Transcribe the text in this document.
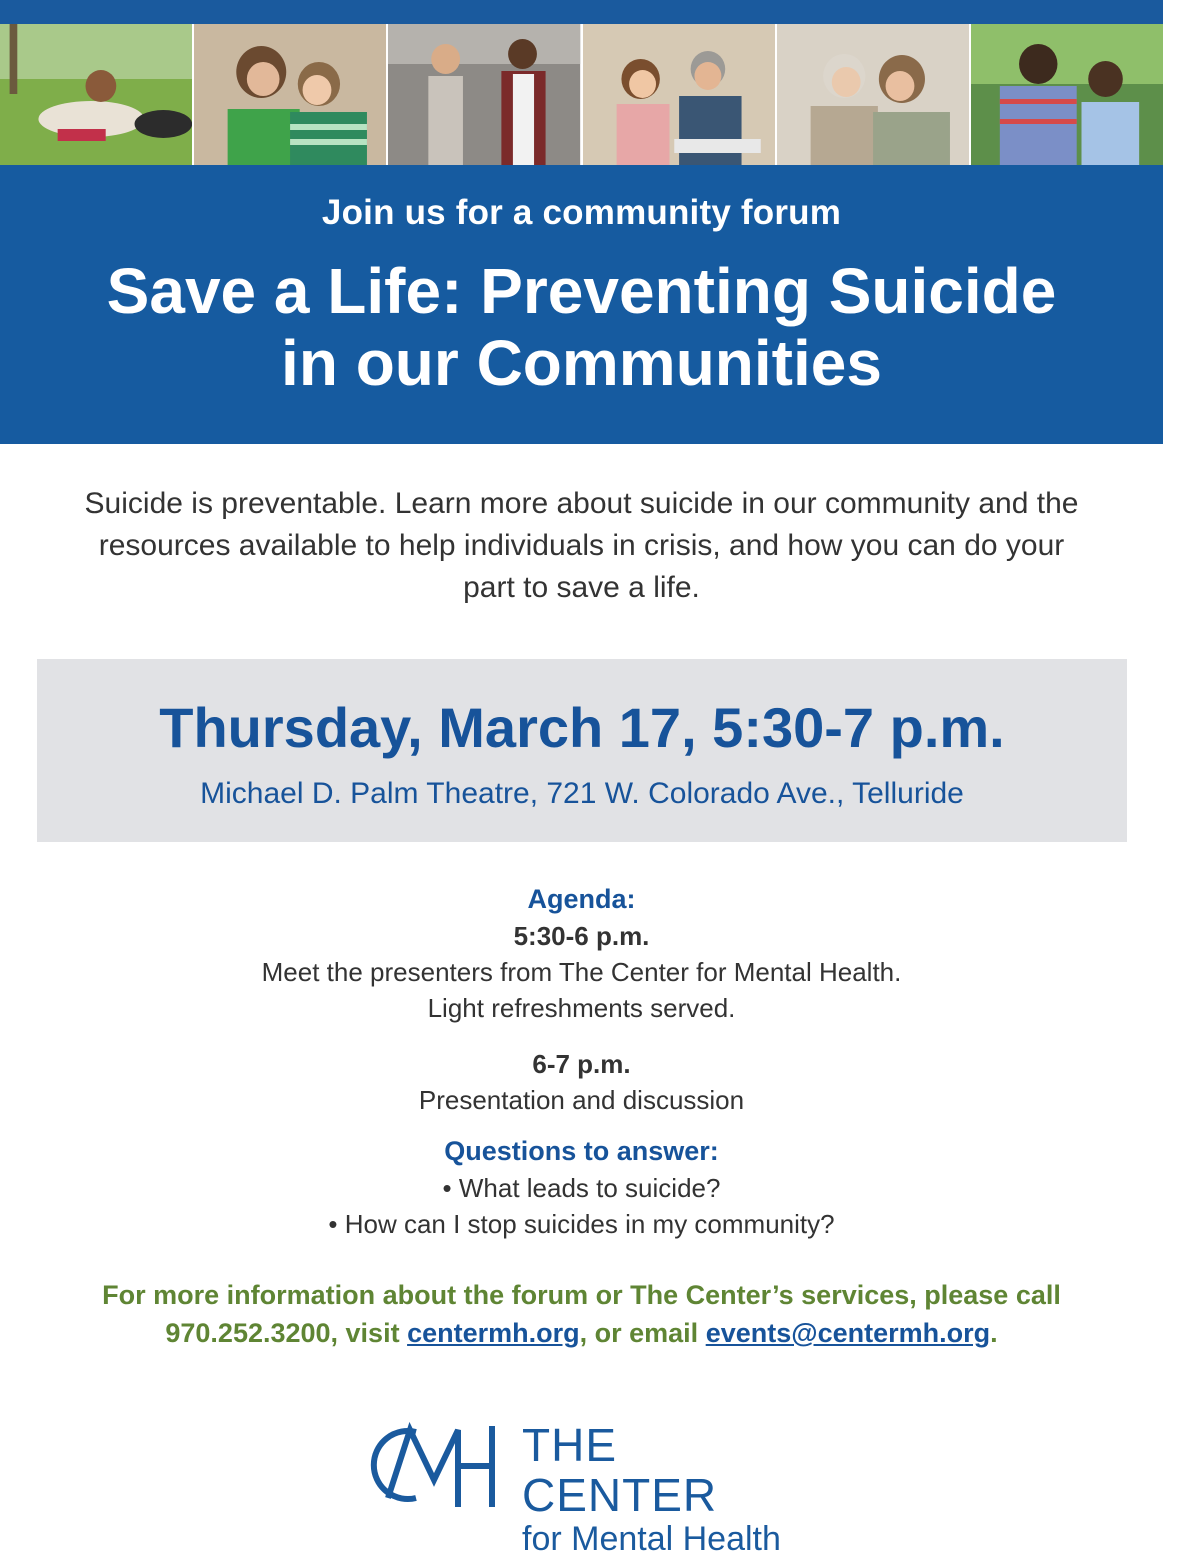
Join us for a community forum
Save a Life: Preventing Suicide
in our Communities
Suicide is preventable. Learn more about suicide in our community and the resources available to help individuals in crisis, and how you can do your part to save a life.
Thursday, March 17, 5:30-7 p.m.
Michael D. Palm Theatre, 721 W. Colorado Ave., Telluride
Agenda:
5:30-6 p.m.
Meet the presenters from The Center for Mental Health.
Light refreshments served.
6-7 p.m.
Presentation and discussion
Questions to answer:
• What leads to suicide?
• How can I stop suicides in my community?
For more information about the forum or The Center’s services, please call
970.252.3200, visit centermh.org, or email events@centermh.org.
THE CENTER
for Mental Health
